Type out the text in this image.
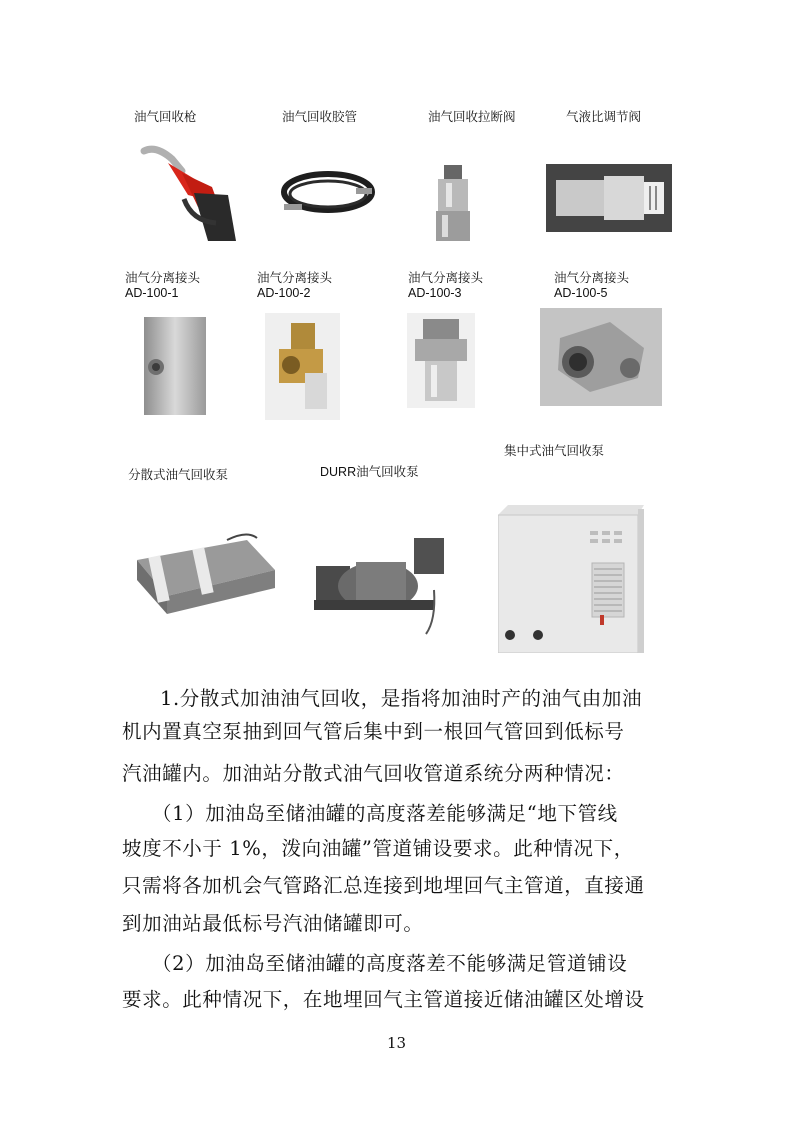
油气回收枪	油气回收胶管	油气回收拉断阀	气液比调节阀
油气分离接头
AD-100-1
油气分离接头
AD-100-2
油气分离接头
AD-100-3
油气分离接头
AD-100-5
分散式油气回收泵	DURR油气回收泵
集中式油气回收泵
1.分散式加油油气回收，是指将加油时产的油气由加油
机内置真空泵抽到回气管后集中到一根回气管回到低标号
汽油罐内。加油站分散式油气回收管道系统分两种情况：
（1）加油岛至储油罐的高度落差能够满足“地下管线
坡度不小于 1%，泼向油罐”管道铺设要求。此种情况下，
只需将各加机会气管路汇总连接到地埋回气主管道，直接通
到加油站最低标号汽油储罐即可。
（2）加油岛至储油罐的高度落差不能够满足管道铺设
要求。此种情况下，在地埋回气主管道接近储油罐区处增设
13
